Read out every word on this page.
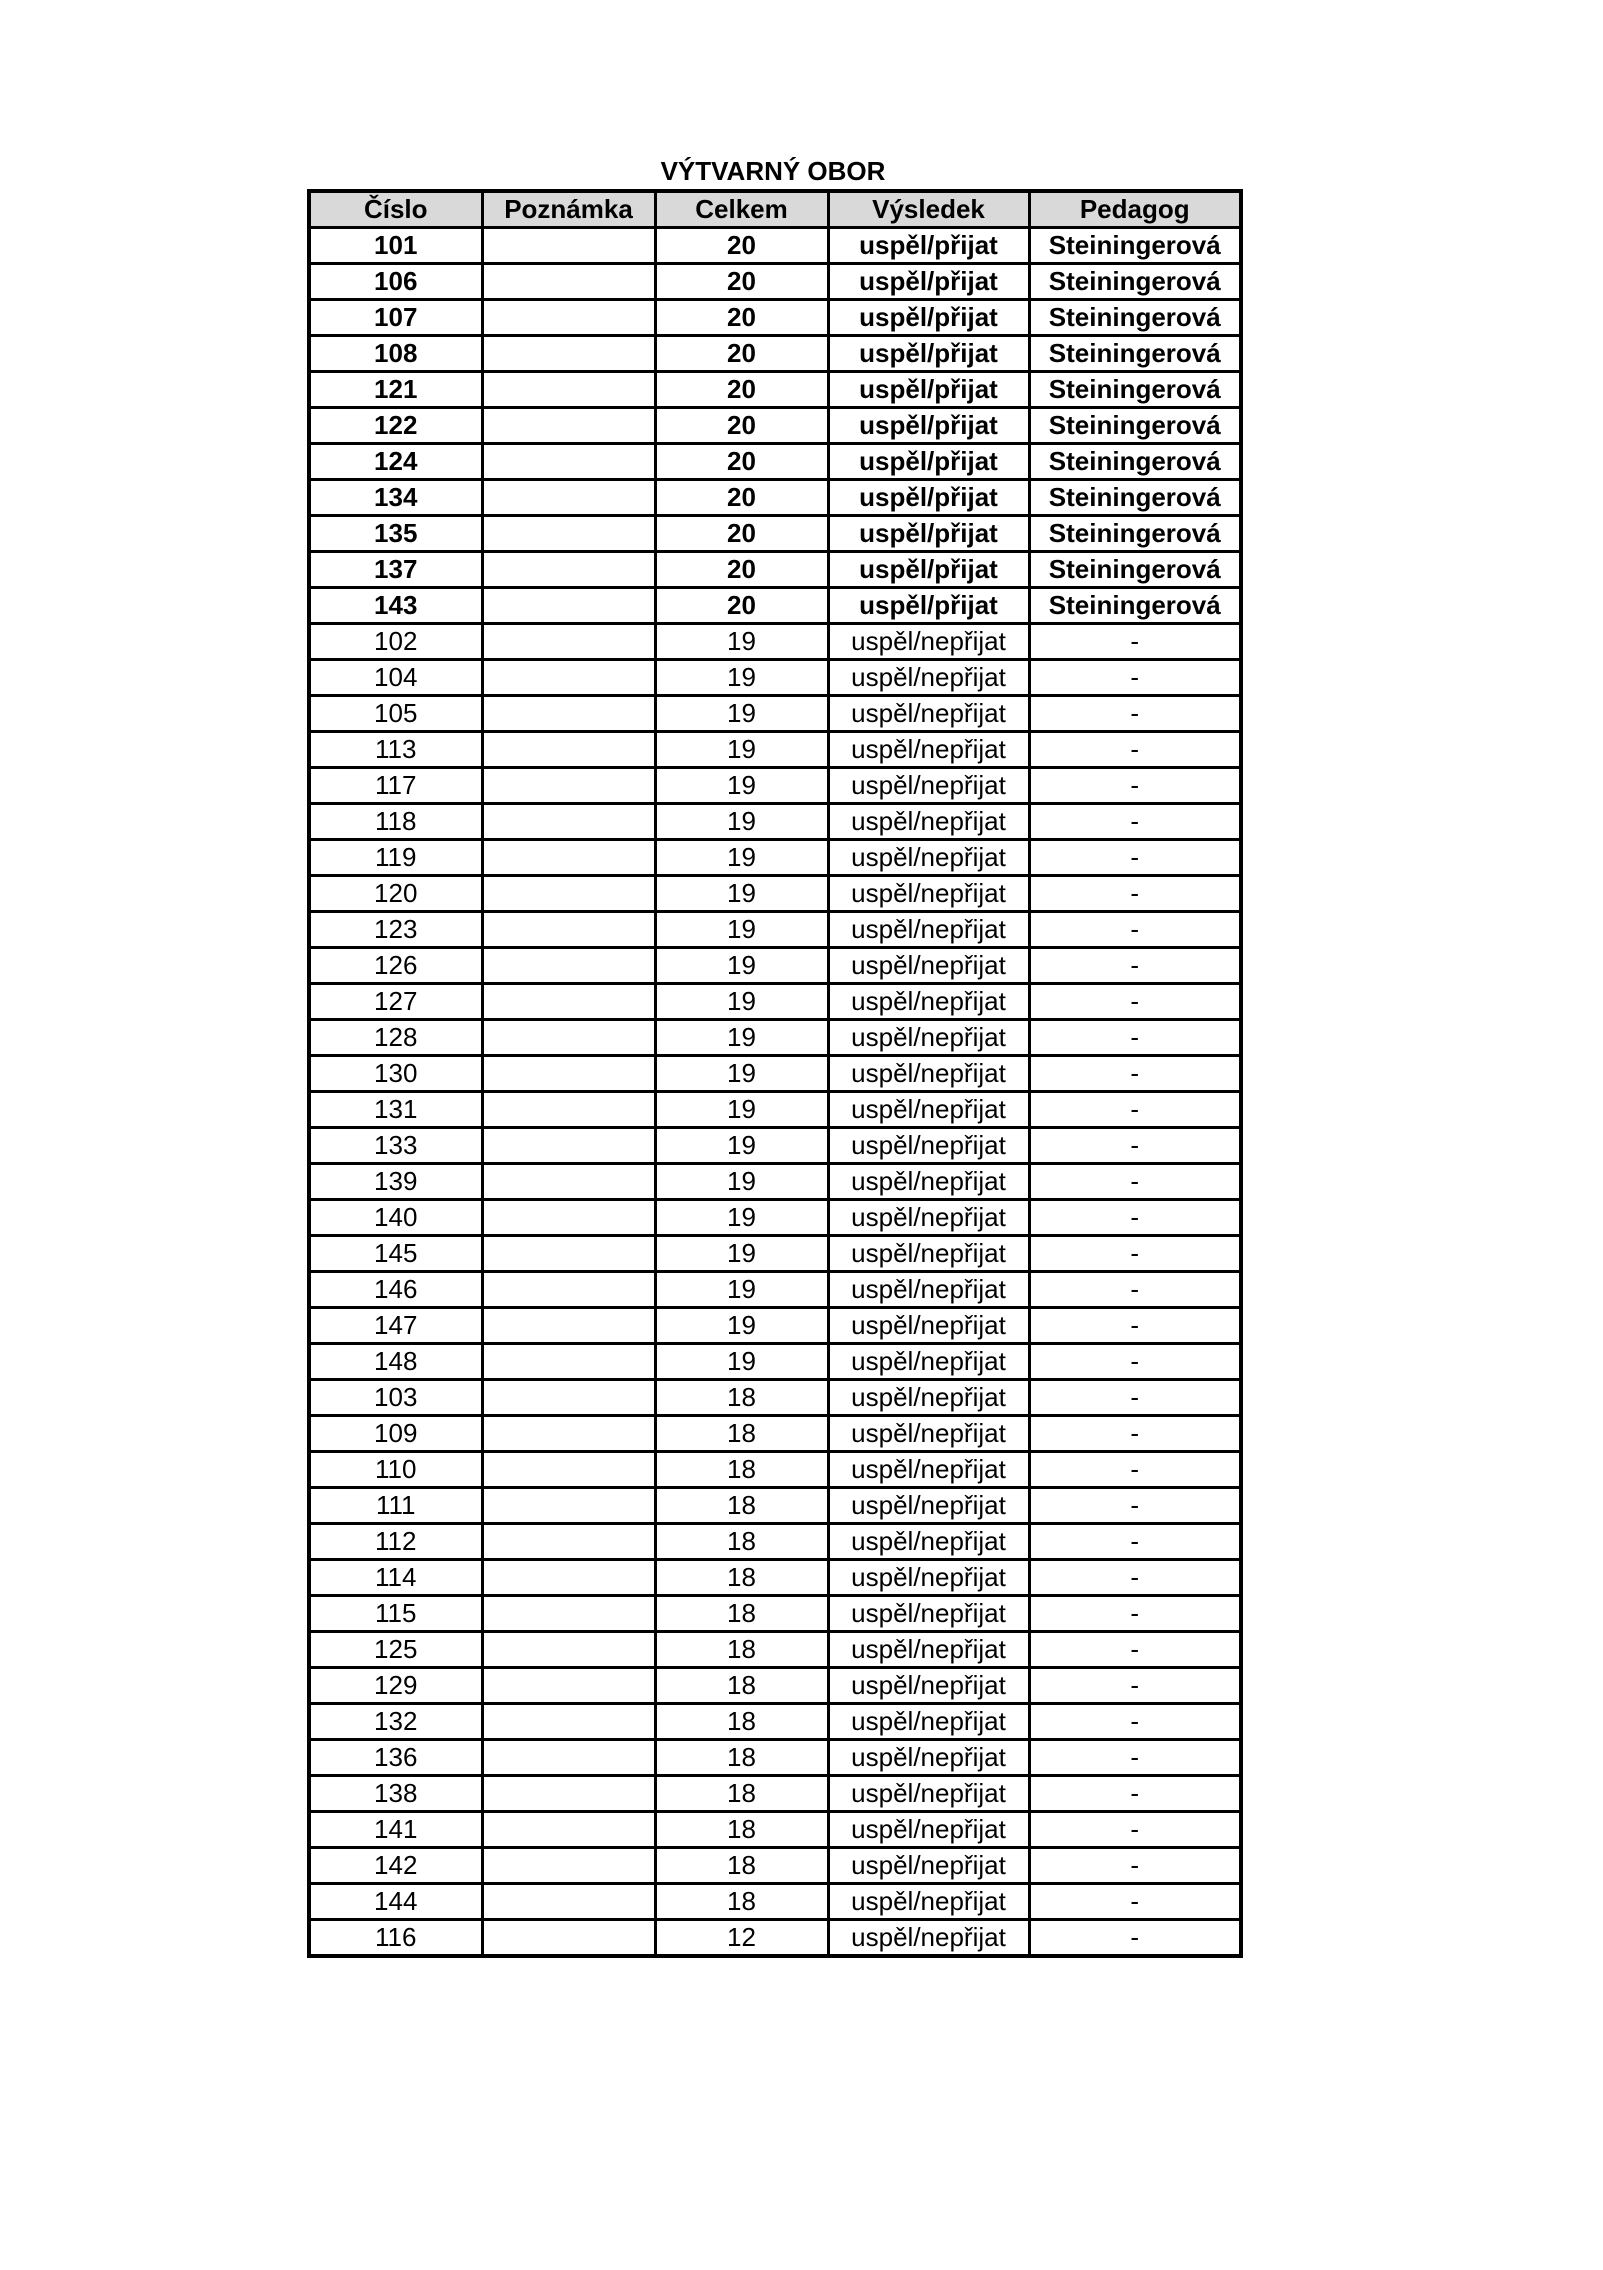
VÝTVARNÝ OBOR
Číslo	Poznámka	Celkem	Výsledek	Pedagog
101		20	uspěl/přijat	Steiningerová
106		20	uspěl/přijat	Steiningerová
107		20	uspěl/přijat	Steiningerová
108		20	uspěl/přijat	Steiningerová
121		20	uspěl/přijat	Steiningerová
122		20	uspěl/přijat	Steiningerová
124		20	uspěl/přijat	Steiningerová
134		20	uspěl/přijat	Steiningerová
135		20	uspěl/přijat	Steiningerová
137		20	uspěl/přijat	Steiningerová
143		20	uspěl/přijat	Steiningerová
102		19	uspěl/nepřijat	-
104		19	uspěl/nepřijat	-
105		19	uspěl/nepřijat	-
113		19	uspěl/nepřijat	-
117		19	uspěl/nepřijat	-
118		19	uspěl/nepřijat	-
119		19	uspěl/nepřijat	-
120		19	uspěl/nepřijat	-
123		19	uspěl/nepřijat	-
126		19	uspěl/nepřijat	-
127		19	uspěl/nepřijat	-
128		19	uspěl/nepřijat	-
130		19	uspěl/nepřijat	-
131		19	uspěl/nepřijat	-
133		19	uspěl/nepřijat	-
139		19	uspěl/nepřijat	-
140		19	uspěl/nepřijat	-
145		19	uspěl/nepřijat	-
146		19	uspěl/nepřijat	-
147		19	uspěl/nepřijat	-
148		19	uspěl/nepřijat	-
103		18	uspěl/nepřijat	-
109		18	uspěl/nepřijat	-
110		18	uspěl/nepřijat	-
111		18	uspěl/nepřijat	-
112		18	uspěl/nepřijat	-
114		18	uspěl/nepřijat	-
115		18	uspěl/nepřijat	-
125		18	uspěl/nepřijat	-
129		18	uspěl/nepřijat	-
132		18	uspěl/nepřijat	-
136		18	uspěl/nepřijat	-
138		18	uspěl/nepřijat	-
141		18	uspěl/nepřijat	-
142		18	uspěl/nepřijat	-
144		18	uspěl/nepřijat	-
116		12	uspěl/nepřijat	-
